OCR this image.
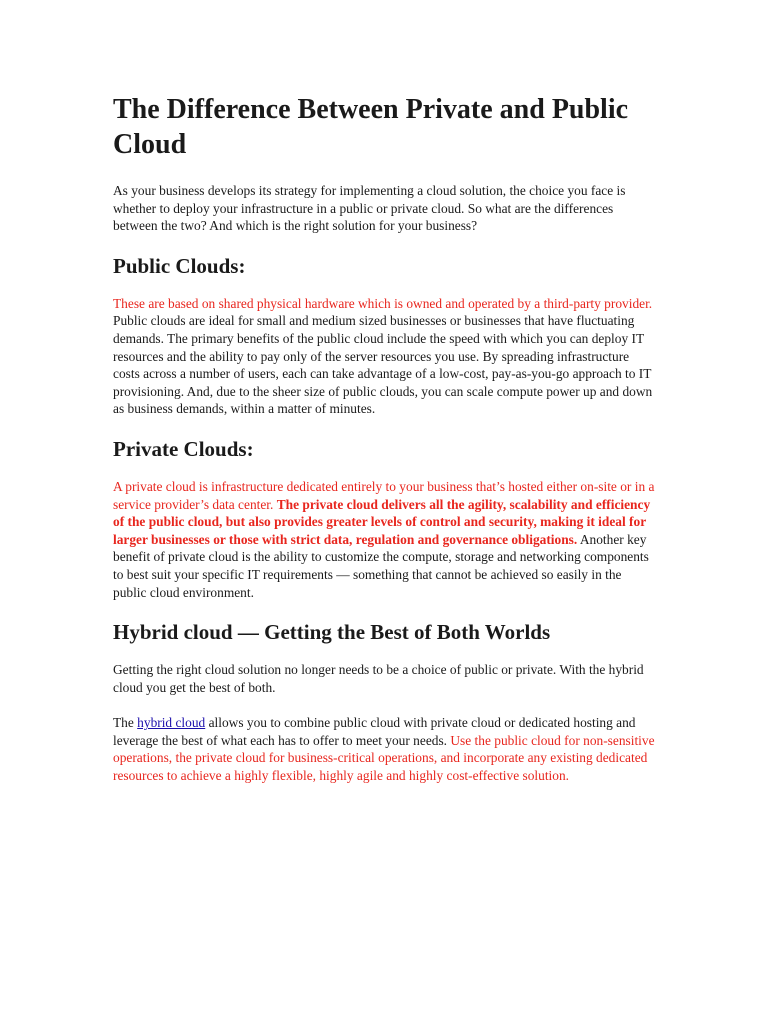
The Difference Between Private and Public Cloud

As your business develops its strategy for implementing a cloud solution, the choice you face is whether to deploy your infrastructure in a public or private cloud. So what are the differences between the two? And which is the right solution for your business?

Public Clouds:

These are based on shared physical hardware which is owned and operated by a third-party provider. Public clouds are ideal for small and medium sized businesses or businesses that have fluctuating demands. The primary benefits of the public cloud include the speed with which you can deploy IT resources and the ability to pay only of the server resources you use. By spreading infrastructure costs across a number of users, each can take advantage of a low-cost, pay-as-you-go approach to IT provisioning. And, due to the sheer size of public clouds, you can scale compute power up and down as business demands, within a matter of minutes.

Private Clouds:

A private cloud is infrastructure dedicated entirely to your business that’s hosted either on-site or in a service provider’s data center. The private cloud delivers all the agility, scalability and efficiency of the public cloud, but also provides greater levels of control and security, making it ideal for larger businesses or those with strict data, regulation and governance obligations. Another key benefit of private cloud is the ability to customize the compute, storage and networking components to best suit your specific IT requirements — something that cannot be achieved so easily in the public cloud environment.

Hybrid cloud — Getting the Best of Both Worlds

Getting the right cloud solution no longer needs to be a choice of public or private. With the hybrid cloud you get the best of both.

The hybrid cloud allows you to combine public cloud with private cloud or dedicated hosting and leverage the best of what each has to offer to meet your needs. Use the public cloud for non-sensitive operations, the private cloud for business-critical operations, and incorporate any existing dedicated resources to achieve a highly flexible, highly agile and highly cost-effective solution.
